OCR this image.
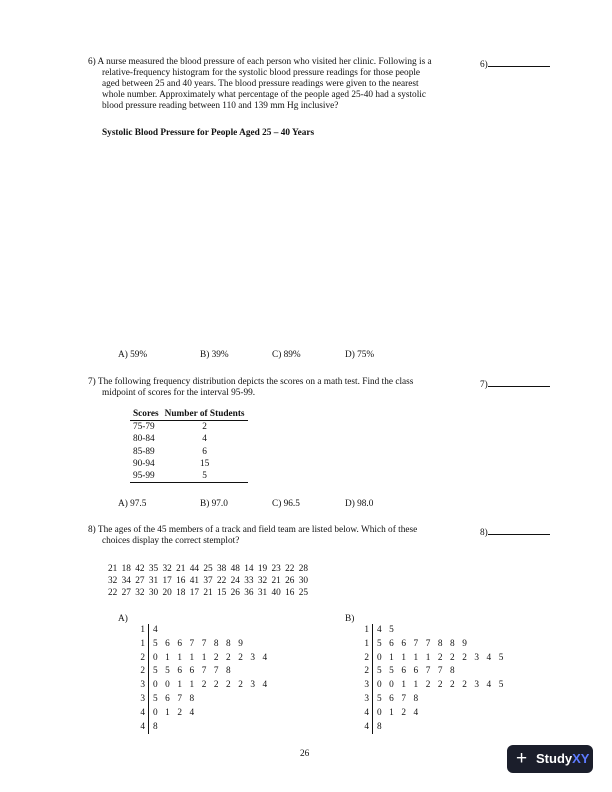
6) A nurse measured the blood pressure of each person who visited her clinic. Following is a
relative-frequency histogram for the systolic blood pressure readings for those people
aged between 25 and 40 years. The blood pressure readings were given to the nearest
whole number. Approximately what percentage of the people aged 25-40 had a systolic
blood pressure reading between 110 and 139 mm Hg inclusive?
6)
Systolic Blood Pressure for People Aged 25 – 40 Years
A) 59%	B) 39%	C) 89%	D) 75%
7) The following frequency distribution depicts the scores on a math test. Find the class
midpoint of scores for the interval 95-99.
7)
Scores	Number of Students
75-79	2
80-84	4
85-89	6
90-94	15
95-99	5
A) 97.5	B) 97.0	C) 96.5	D) 98.0
8) The ages of the 45 members of a track and field team are listed below. Which of these
choices display the correct stemplot?
8)
21 18 42 35 32 21 44 25 38 48 14 19 23 22 28
32 34 27 31 17 16 41 37 22 24 33 32 21 26 30
22 27 32 30 20 18 17 21 15 26 36 31 40 16 25
A)
1 4
1 5 6 6 7 7 8 8 9
2 0 1 1 1 1 2 2 2 3 4
2 5 5 6 6 7 7 8
3 0 0 1 1 2 2 2 2 3 4
3 5 6 7 8
4 0 1 2 4
4 8
B)
1 4 5
1 5 6 6 7 7 8 8 9
2 0 1 1 1 1 2 2 2 3 4 5
2 5 5 6 6 7 7 8
3 0 0 1 1 2 2 2 2 3 4 5
3 5 6 7 8
4 0 1 2 4
4 8
26	+ StudyXY
